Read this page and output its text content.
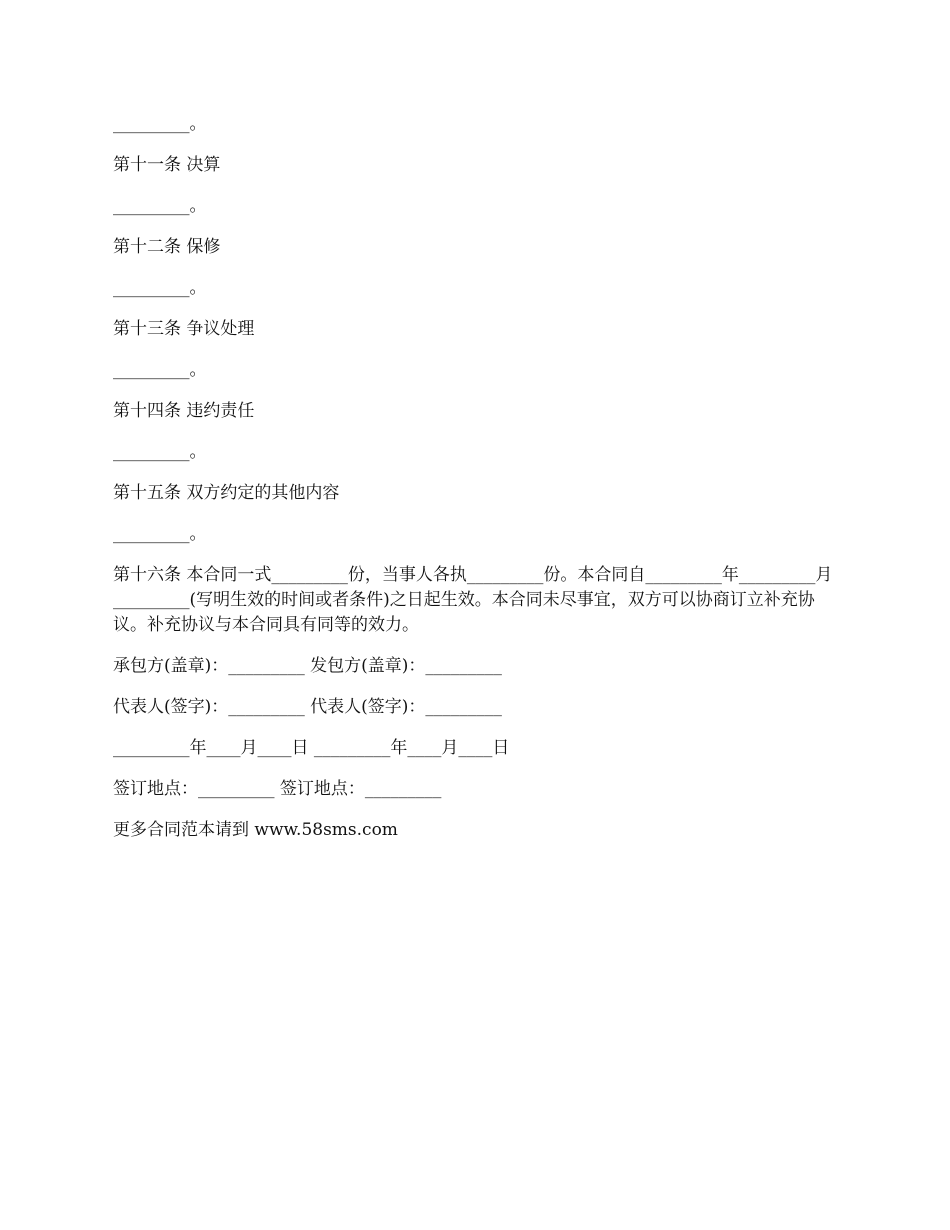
_________。

第十一条 决算

_________。

第十二条 保修

_________。

第十三条 争议处理

_________。

第十四条 违约责任

_________。

第十五条 双方约定的其他内容

_________。

第十六条 本合同一式_________份，当事人各执_________份。本合同自_________年_________月_________(写明生效的时间或者条件)之日起生效。本合同未尽事宜，双方可以协商订立补充协议。补充协议与本合同具有同等的效力。

承包方(盖章)：_________ 发包方(盖章)：_________

代表人(签字)：_________ 代表人(签字)：_________

_________年____月____日 _________年____月____日

签订地点：_________ 签订地点：_________

更多合同范本请到 www.58sms.com
